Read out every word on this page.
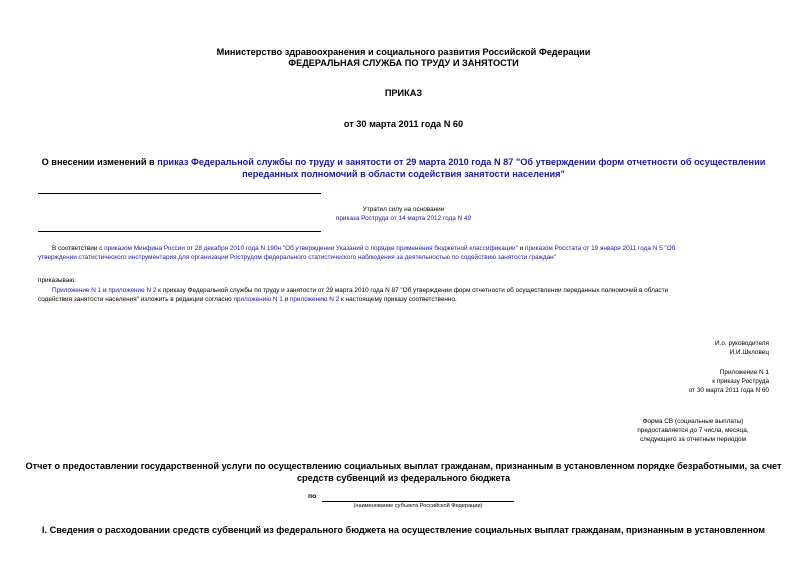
Министерство здравоохранения и социального развития Российской Федерации
ФЕДЕРАЛЬНАЯ СЛУЖБА ПО ТРУДУ И ЗАНЯТОСТИ
ПРИКАЗ
от 30 марта 2011 года N 60
О внесении изменений в приказ Федеральной службы по труду и занятости от 29 марта 2010 года N 87 "Об утверждении форм отчетности об осуществлении
переданных полномочий в области содействия занятости населения"
Утратил силу на основании
приказа Роструда от 14 марта 2012 года N 49
В соответствии с приказом Минфина России от 28 декабря 2010 года N 190н "Об утверждении Указаний о порядке применения бюджетной классификации" и приказом Росстата от 19 января 2011 года N 5 "Об
утверждении статистического инструментария для организации Рострудом федерального статистического наблюдения за деятельностью по содействию занятости граждан"
приказываю:
Приложение N 1 и приложение N 2 к приказу Федеральной службы по труду и занятости от 29 марта 2010 года N 87 "Об утверждении форм отчетности об осуществлении переданных полномочий в области
содействия занятости населения" изложить в редакции согласно приложению N 1 и приложению N 2 к настоящему приказу соответственно.
И.о. руководителя
И.И.Шкловец
Приложение N 1
к приказу Роструда
от 30 марта 2011 года N 60
Форма СВ (социальные выплаты)
предоставляется до 7 числа, месяца,
следующего за отчетным периодом
Отчет о предоставлении государственной услуги по осуществлению социальных выплат гражданам, признанным в установленном порядке безработными, за счет
средств субвенций из федерального бюджета
по
(наименование субъекта Российской Федерации)
I. Сведения о расходовании средств субвенций из федерального бюджета на осуществление социальных выплат гражданам, признанным в установленном
